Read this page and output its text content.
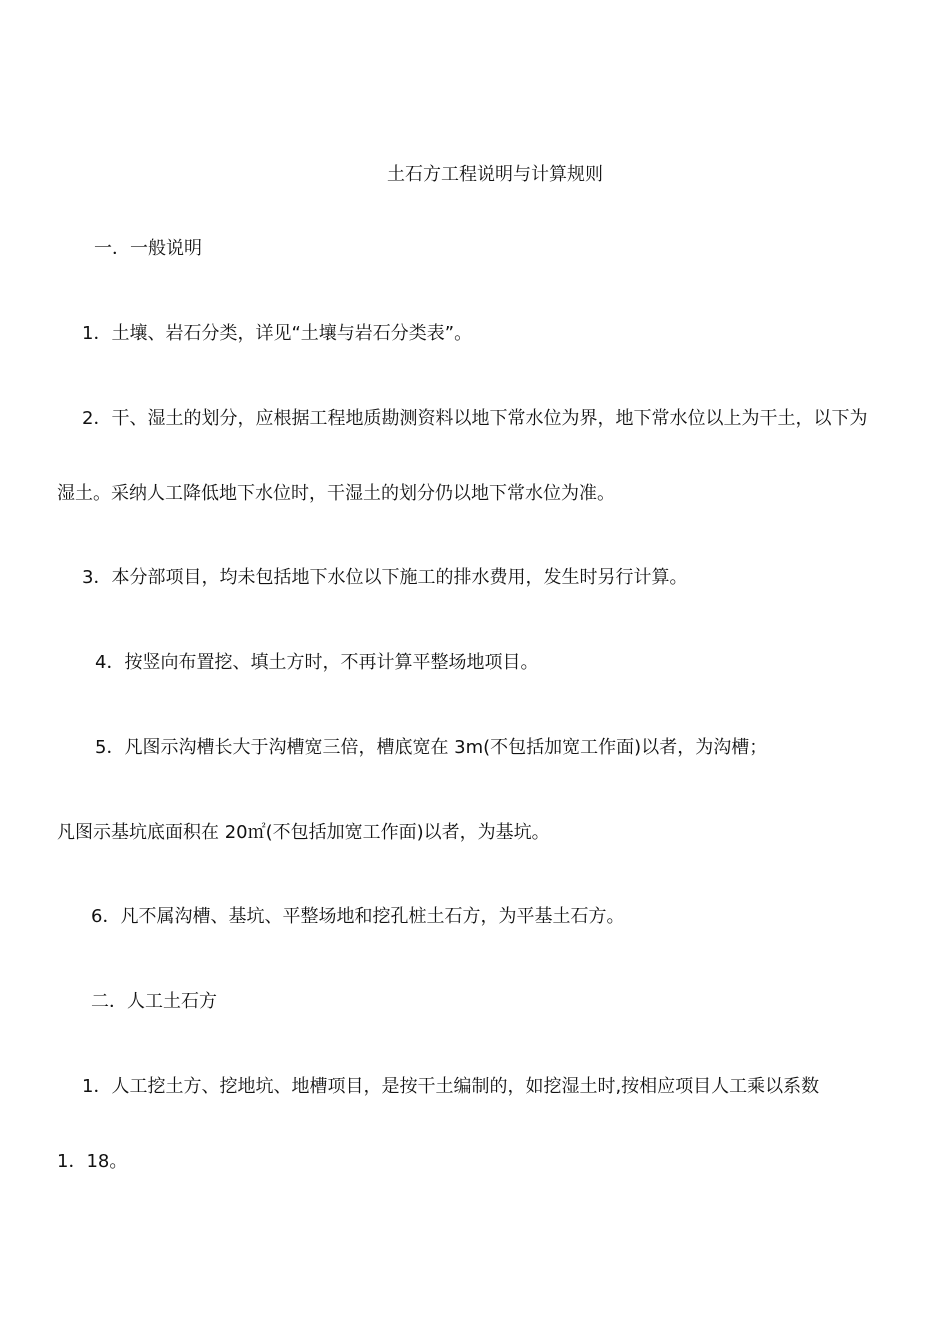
土石方工程说明与计算规则
一．一般说明
1．土壤、岩石分类，详见“土壤与岩石分类表”。
2．干、湿土的划分，应根据工程地质勘测资料以地下常水位为界，地下常水位以上为干土，以下为
湿土。采纳人工降低地下水位时，干湿土的划分仍以地下常水位为准。
3．本分部项目，均未包括地下水位以下施工的排水费用，发生时另行计算。
4．按竖向布置挖、填土方时，不再计算平整场地项目。
5．凡图示沟槽长大于沟槽宽三倍，槽底宽在 3m(不包括加宽工作面)以者，为沟槽；
凡图示基坑底面积在 20㎡(不包括加宽工作面)以者，为基坑。
6．凡不属沟槽、基坑、平整场地和挖孔桩土石方，为平基土石方。
二．人工土石方
1．人工挖土方、挖地坑、地槽项目，是按干土编制的，如挖湿土时,按相应项目人工乘以系数
1．18。
